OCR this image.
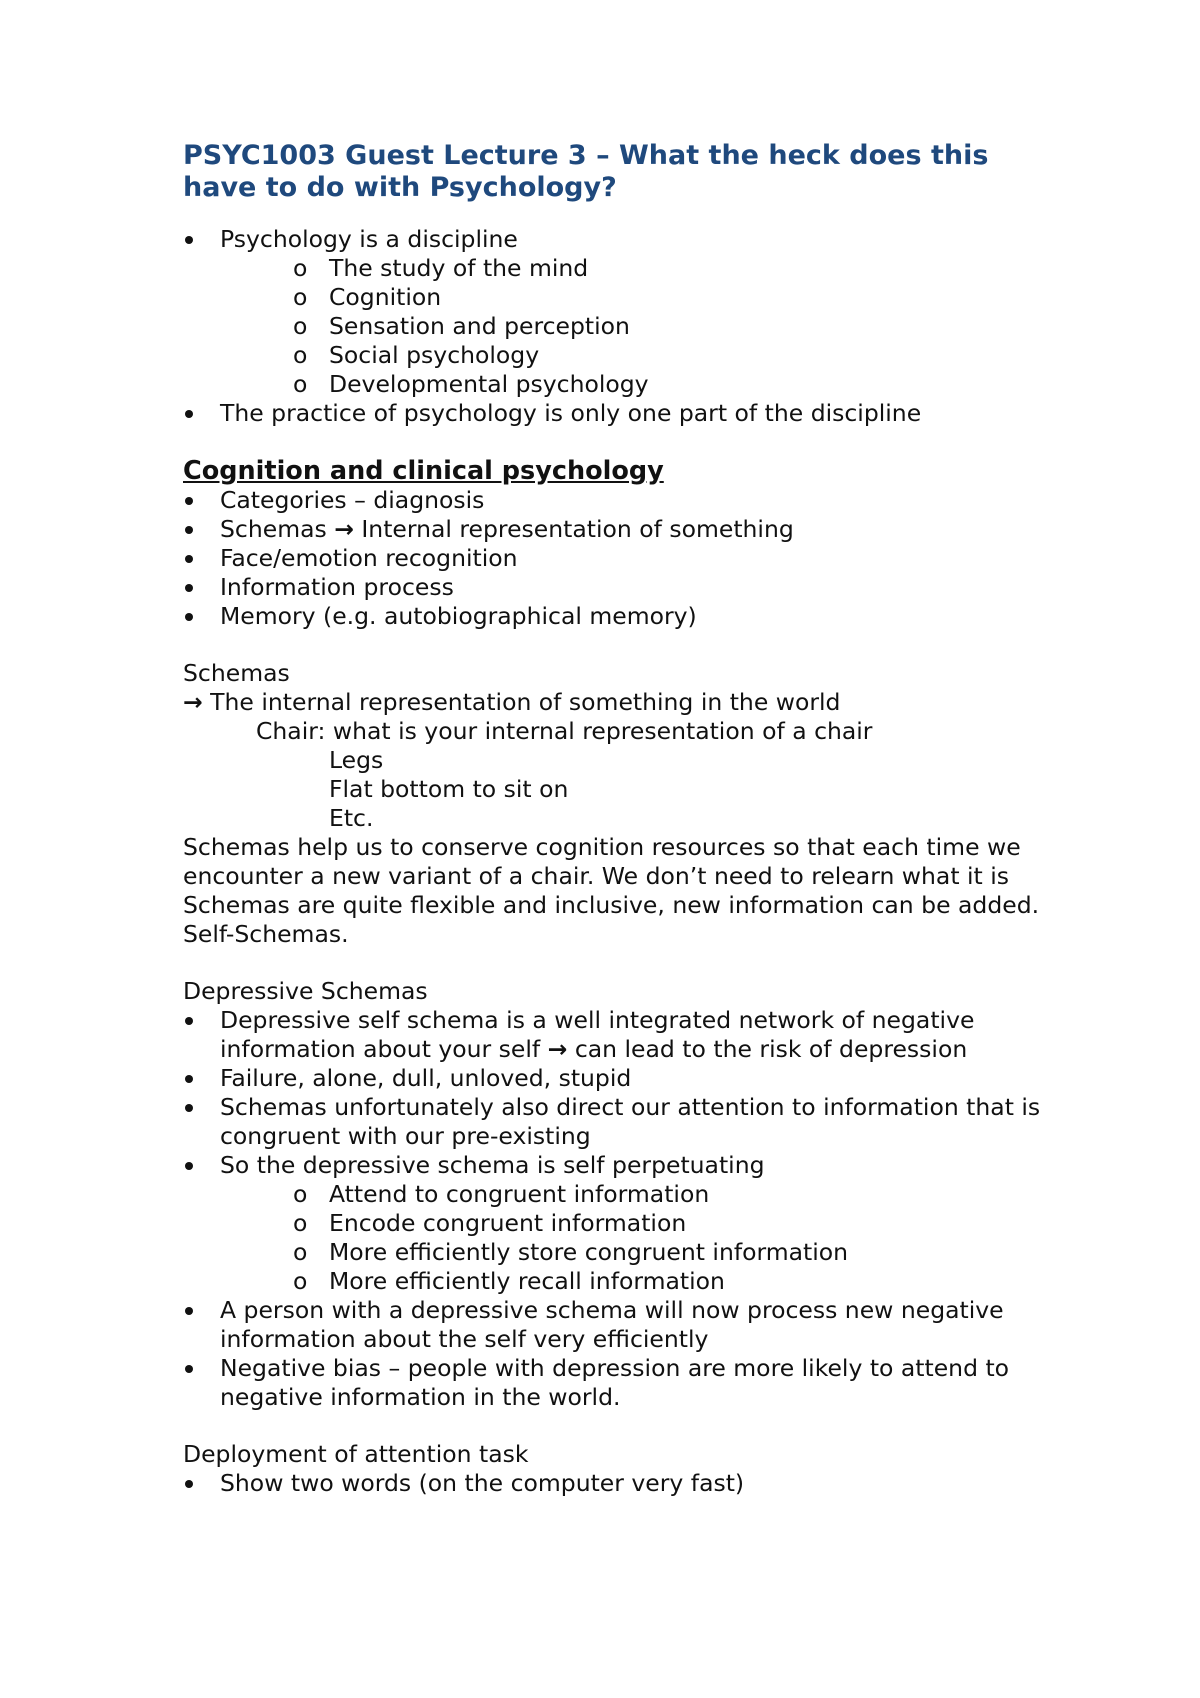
PSYC1003 Guest Lecture 3 – What the heck does this have to do with Psychology?
Psychology is a discipline
o The study of the mind
o Cognition
o Sensation and perception
o Social psychology
o Developmental psychology
The practice of psychology is only one part of the discipline
Cognition and clinical psychology
Categories – diagnosis
Schemas → Internal representation of something
Face/emotion recognition
Information process
Memory (e.g. autobiographical memory)

Schemas

→ The internal representation of something in the world

Chair: what is your internal representation of a chair

Legs

Flat bottom to sit on

Etc.

Schemas help us to conserve cognition resources so that each time we encounter a new variant of a chair. We don’t need to relearn what it is

Schemas are quite flexible and inclusive, new information can be added.

Self-Schemas.

Depressive Schemas

Depressive self schema is a well integrated network of negative information about your self → can lead to the risk of depression
Failure, alone, dull, unloved, stupid
Schemas unfortunately also direct our attention to information that is congruent with our pre-existing
So the depressive schema is self perpetuating
o Attend to congruent information
o Encode congruent information
o More efficiently store congruent information
o More efficiently recall information
A person with a depressive schema will now process new negative information about the self very efficiently
Negative bias – people with depression are more likely to attend to negative information in the world.

Deployment of attention task

Show two words (on the computer very fast)
